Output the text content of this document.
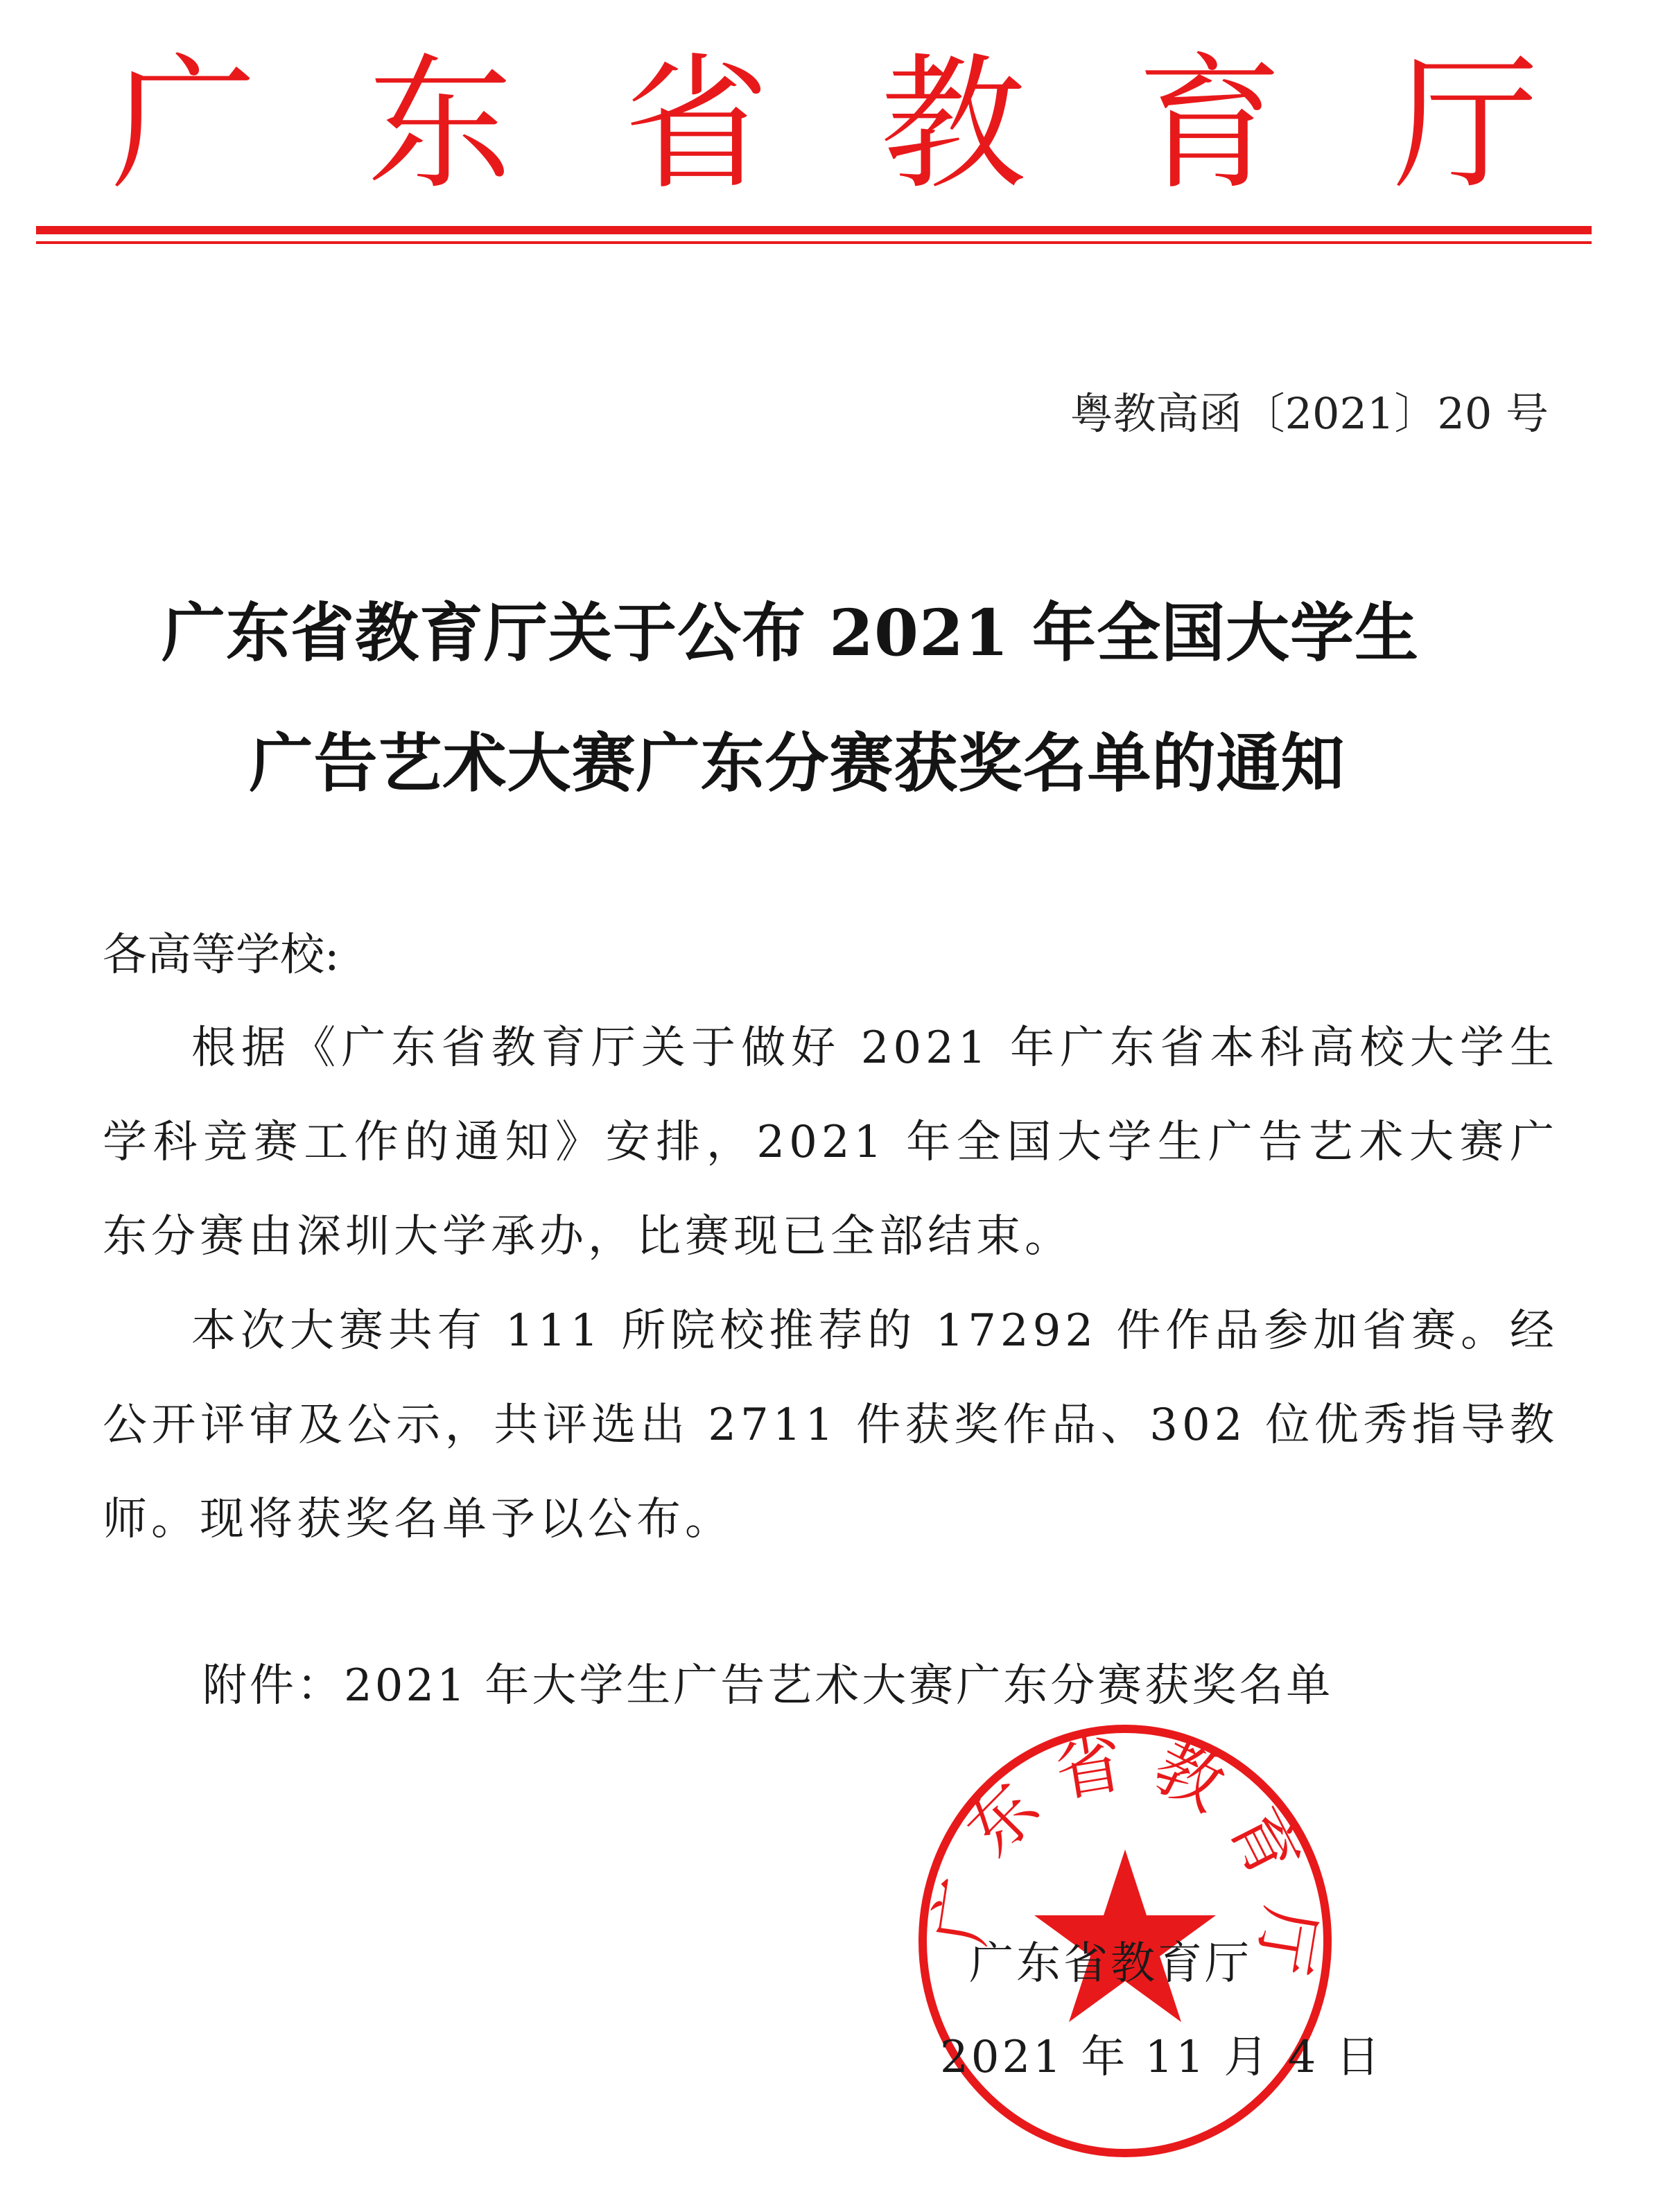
广 东 省 教 育 厅
粤教高函〔2021〕20 号
广东省教育厅关于公布 2021 年全国大学生
广告艺术大赛广东分赛获奖名单的通知
各高等学校:
根据《广东省教育厅关于做好 2021 年广东省本科高校大学生学科竞赛工作的通知》安排，2021 年全国大学生广告艺术大赛广东分赛由深圳大学承办，比赛现已全部结束。
本次大赛共有 111 所院校推荐的 17292 件作品参加省赛。经公开评审及公示，共评选出 2711 件获奖作品、302 位优秀指导教师。现将获奖名单予以公布。
附件：2021 年大学生广告艺术大赛广东分赛获奖名单
广东省教育厅
广东省教育厅
2021 年 11 月 4 日
